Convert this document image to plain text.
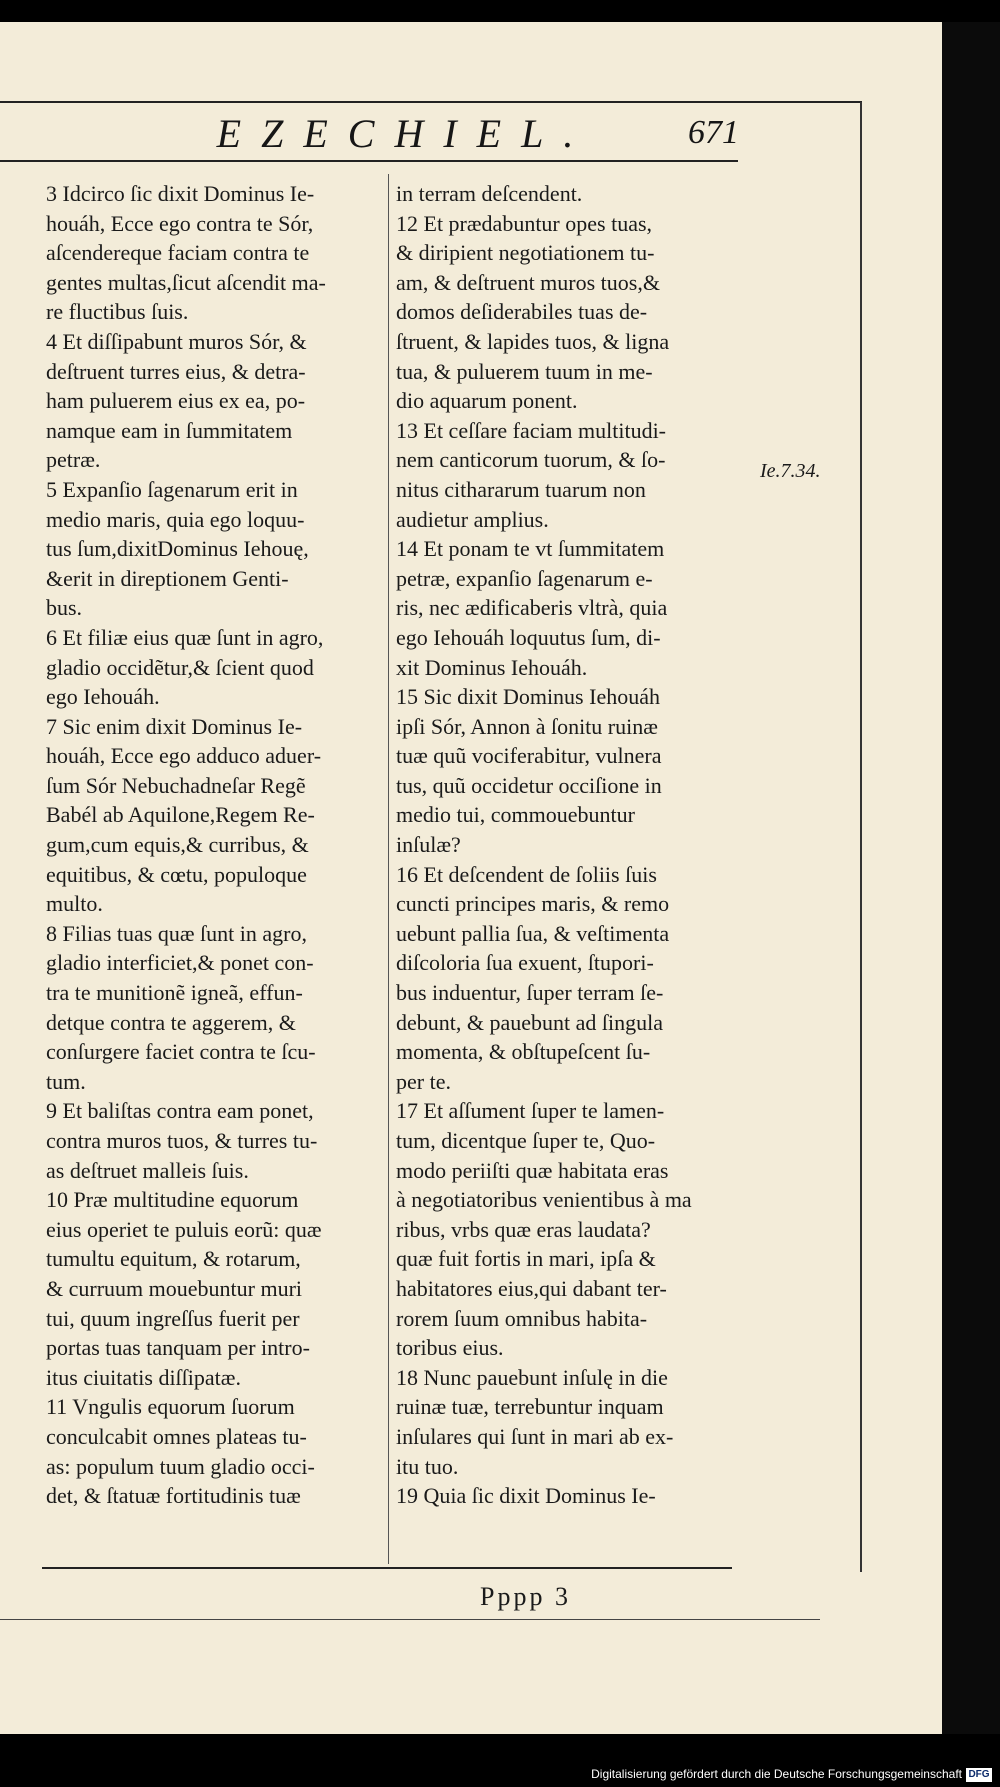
EZECHIEL.	671
3 Idcirco ſic dixit Dominus Ie-
houáh, Ecce ego contra te Sór,
aſcendereque faciam contra te
gentes multas,ſicut aſcendit ma-
re fluctibus ſuis.
4 Et diſſipabunt muros Sór, &
deſtruent turres eius, & detra-
ham puluerem eius ex ea, po-
namque eam in ſummitatem
petræ.
5 Expanſio ſagenarum erit in
medio maris, quia ego loquu-
tus ſum,dixitDominus Iehouę,
&erit in direptionem Genti-
bus.
6 Et filiæ eius quæ ſunt in agro,
gladio occidẽtur,& ſcient quod
ego Iehouáh.
7 Sic enim dixit Dominus Ie-
houáh, Ecce ego adduco aduer-
ſum Sór Nebuchadneſar Regẽ
Babél ab Aquilone,Regem Re-
gum,cum equis,& curribus, &
equitibus, & cœtu, populoque
multo.
8 Filias tuas quæ ſunt in agro,
gladio interficiet,& ponet con-
tra te munitionẽ igneã, effun-
detque contra te aggerem, &
conſurgere faciet contra te ſcu-
tum.
9 Et baliſtas contra eam ponet,
contra muros tuos, & turres tu-
as deſtruet malleis ſuis.
10 Præ multitudine equorum
eius operiet te puluis eorũ: quæ
tumultu equitum, & rotarum,
& curruum mouebuntur muri
tui, quum ingreſſus fuerit per
portas tuas tanquam per intro-
itus ciuitatis diſſipatæ.
11 Vngulis equorum ſuorum
conculcabit omnes plateas tu-
as: populum tuum gladio occi-
det, & ſtatuæ fortitudinis tuæ
in terram deſcendent.
12 Et prædabuntur opes tuas,
& diripient negotiationem tu-
am, & deſtruent muros tuos,&
domos deſiderabiles tuas de-
ſtruent, & lapides tuos, & ligna
tua, & puluerem tuum in me-
dio aquarum ponent.
13 Et ceſſare faciam multitudi-
nem canticorum tuorum, & ſo-
nitus cithararum tuarum non
audietur amplius.
14 Et ponam te vt ſummitatem
petræ, expanſio ſagenarum e-
ris, nec ædificaberis vltrà, quia
ego Iehouáh loquutus ſum, di-
xit Dominus Iehouáh.
15 Sic dixit Dominus Iehouáh
ipſi Sór, Annon à ſonitu ruinæ
tuæ quũ vociferabitur, vulnera
tus, quũ occidetur occiſione in
medio tui, commouebuntur
inſulæ?
16 Et deſcendent de ſoliis ſuis
cuncti principes maris, & remo
uebunt pallia ſua, & veſtimenta
diſcoloria ſua exuent, ſtupori-
bus induentur, ſuper terram ſe-
debunt, & pauebunt ad ſingula
momenta, & obſtupeſcent ſu-
per te.
17 Et aſſument ſuper te lamen-
tum, dicentque ſuper te, Quo-
modo periiſti quæ habitata eras
à negotiatoribus venientibus à ma
ribus, vrbs quæ eras laudata?
quæ fuit fortis in mari, ipſa &
habitatores eius,qui dabant ter-
rorem ſuum omnibus habita-
toribus eius.
18 Nunc pauebunt inſulę in die
ruinæ tuæ, terrebuntur inquam
inſulares qui ſunt in mari ab ex-
itu tuo.
19 Quia ſic dixit Dominus Ie-
Ie.7.34.
Pppp 3
Digitalisierung gefördert durch die Deutsche Forschungsgemeinschaft DFG
